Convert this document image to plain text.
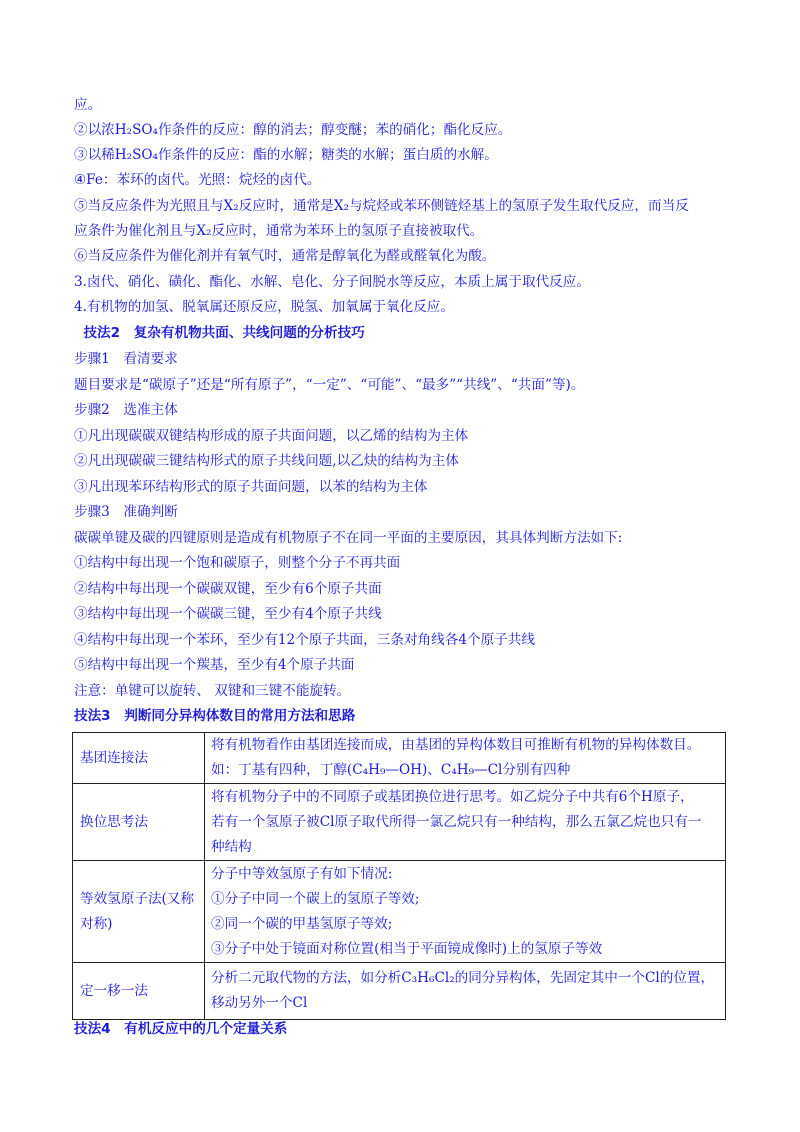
应。
②以浓H₂SO₄作条件的反应：醇的消去；醇变醚；苯的硝化；酯化反应。
③以稀H₂SO₄作条件的反应：酯的水解；糖类的水解；蛋白质的水解。
④Fe：苯环的卤代。光照：烷烃的卤代。
⑤当反应条件为光照且与X₂反应时，通常是X₂与烷烃或苯环侧链烃基上的氢原子发生取代反应，而当反
应条件为催化剂且与X₂反应时，通常为苯环上的氢原子直接被取代。
⑥当反应条件为催化剂并有氧气时，通常是醇氧化为醛或醛氧化为酸。
3.卤代、硝化、磺化、酯化、水解、皂化、分子间脱水等反应，本质上属于取代反应。
4.有机物的加氢、脱氧属还原反应，脱氢、加氧属于氧化反应。
技法2　复杂有机物共面、共线问题的分析技巧
步骤1　看清要求
题目要求是“碳原子”还是“所有原子”，“一定”、“可能”、“最多”“共线”、“共面”等)。
步骤2　选准主体
①凡出现碳碳双键结构形成的原子共面问题，以乙烯的结构为主体
②凡出现碳碳三键结构形式的原子共线问题,以乙炔的结构为主体
③凡出现苯环结构形式的原子共面问题，以苯的结构为主体
步骤3　准确判断
碳碳单键及碳的四键原则是造成有机物原子不在同一平面的主要原因，其具体判断方法如下:
①结构中每出现一个饱和碳原子，则整个分子不再共面
②结构中每出现一个碳碳双键，至少有6个原子共面
③结构中每出现一个碳碳三键，至少有4个原子共线
④结构中每出现一个苯环，至少有12个原子共面，三条对角线各4个原子共线
⑤结构中每出现一个羰基，至少有4个原子共面
注意：单键可以旋转、 双键和三键不能旋转。
技法3　判断同分异构体数目的常用方法和思路
基团连接法	将有机物看作由基团连接而成，由基团的异构体数目可推断有机物的异构体数目。
如：丁基有四种，丁醇(C₄H₉—OH)、C₄H₉—Cl分别有四种

换位思考法	将有机物分子中的不同原子或基团换位进行思考。如乙烷分子中共有6个H原子，
若有一个氢原子被Cl原子取代所得一氯乙烷只有一种结构，那么五氯乙烷也只有一
种结构

等效氢原子法(又称对称)	分子中等效氢原子有如下情况:
①分子中同一个碳上的氢原子等效;
②同一个碳的甲基氢原子等效;
③分子中处于镜面对称位置(相当于平面镜成像时)上的氢原子等效

定一移一法	分析二元取代物的方法，如分析C₃H₆Cl₂的同分异构体，先固定其中一个Cl的位置，
移动另外一个Cl
技法4　有机反应中的几个定量关系
